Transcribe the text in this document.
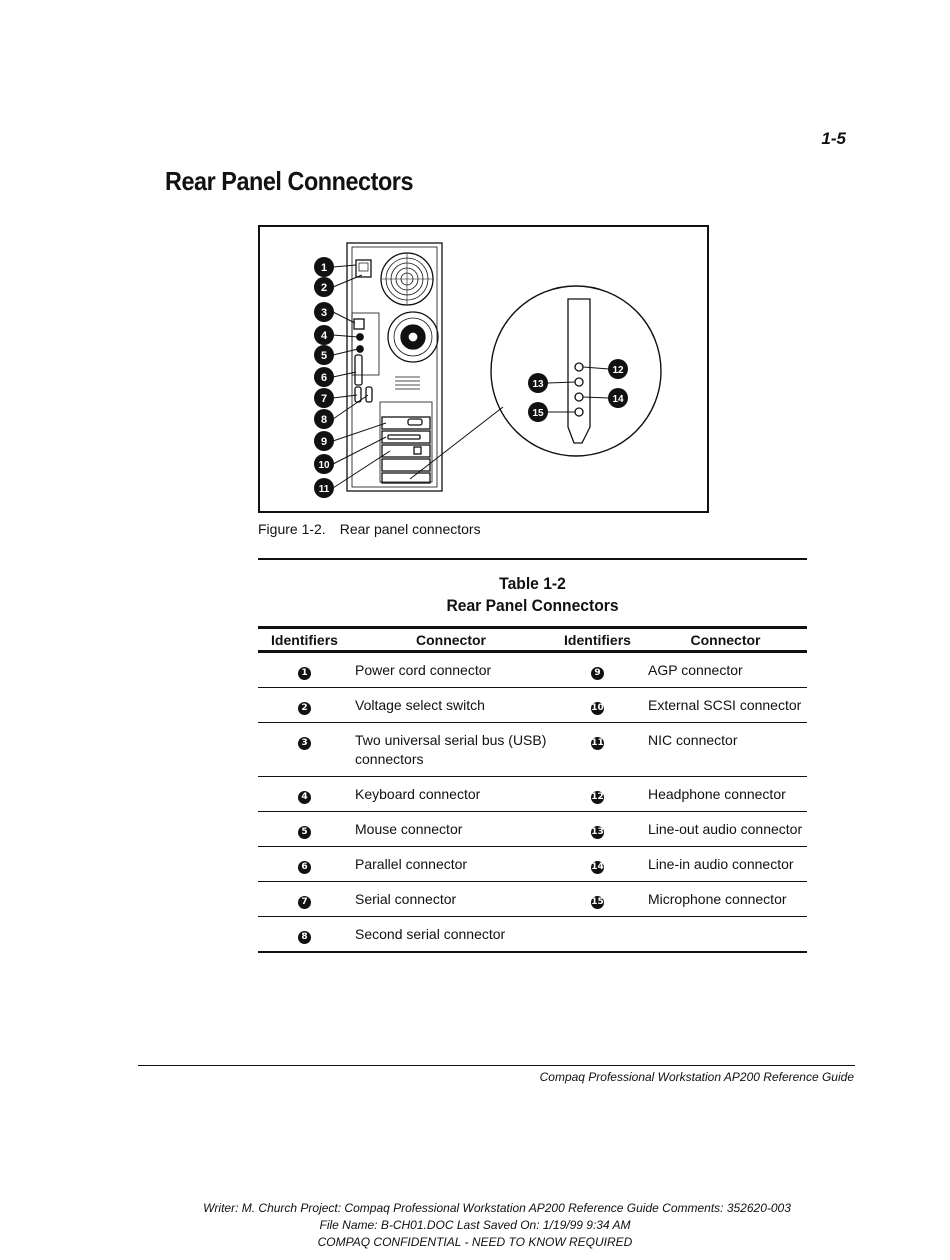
1-5
Rear Panel Connectors
1
2
3
4
5
6
7
8
9
10
11
12
13
14
15
Figure 1-2. Rear panel connectors
Table 1-2
Rear Panel Connectors
Identifiers	Connector	Identifiers	Connector
1	Power cord connector	9	AGP connector
2	Voltage select switch	10	External SCSI connector
3	Two universal serial bus (USB) connectors	11	NIC connector
4	Keyboard connector	12	Headphone connector
5	Mouse connector	13	Line-out audio connector
6	Parallel connector	14	Line-in audio connector
7	Serial connector	15	Microphone connector
8	Second serial connector		
Compaq Professional Workstation AP200 Reference Guide
Writer: M. Church Project: Compaq Professional Workstation AP200 Reference Guide Comments: 352620-003
File Name: B-CH01.DOC Last Saved On: 1/19/99 9:34 AM
COMPAQ CONFIDENTIAL - NEED TO KNOW REQUIRED
